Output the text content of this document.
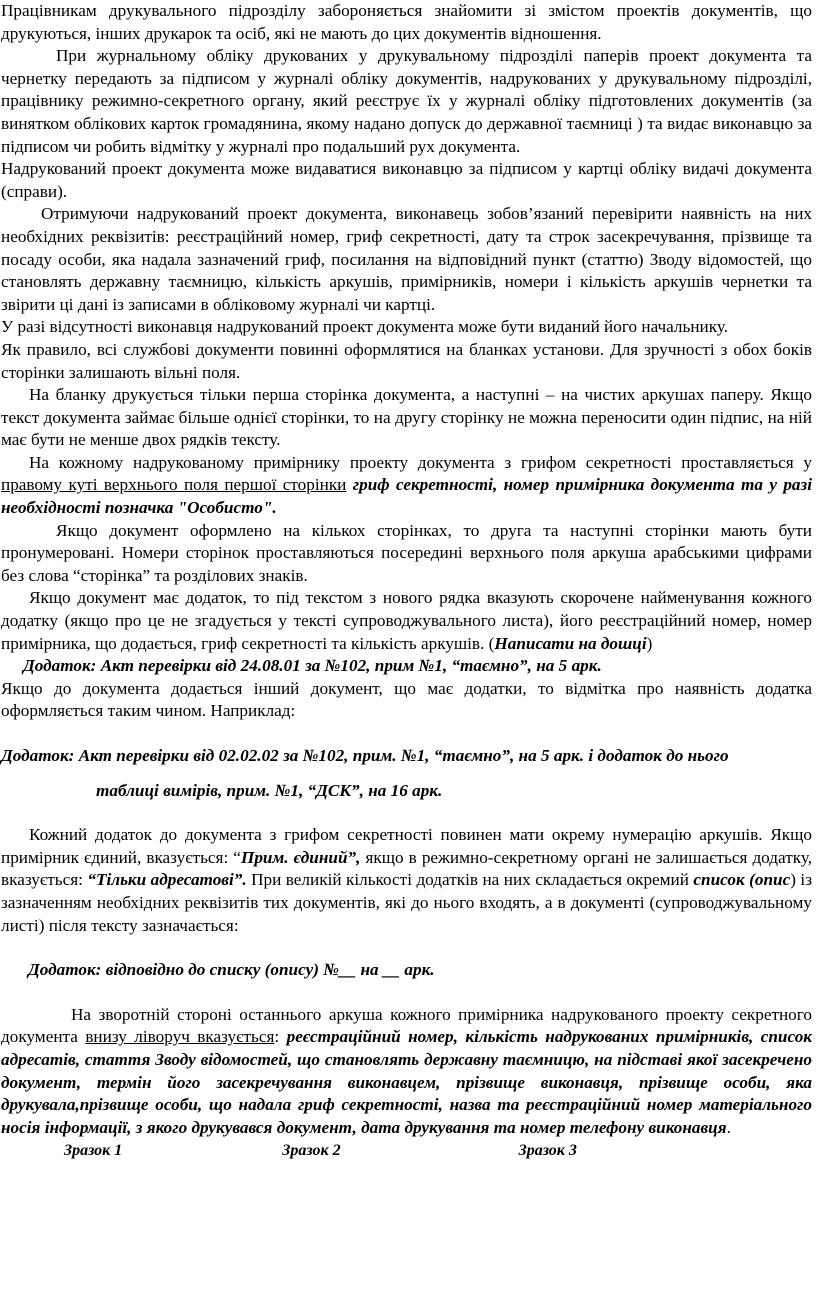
Працівникам друкувального підрозділу забороняється знайомити зі змістом проектів документів, що друкуються, інших друкарок та осіб, які не мають до цих документів відношення.

При журнальному обліку друкованих у друкувальному підрозділі паперів проект документа та чернетку передають за підписом у журналі обліку документів, надрукованих у друкувальному підрозділі, працівнику режимно-секретного органу, який реєструє їх у журналі обліку підготовлених документів (за винятком облікових карток громадянина, якому надано допуск до державної таємниці ) та видає виконавцю за підписом чи робить відмітку у журналі про подальший рух документа.

Надрукований проект документа може видаватися виконавцю за підписом у картці обліку видачі документа (справи).

Отримуючи надрукований проект документа, виконавець зобов’язаний перевірити наявність на них необхідних реквізитів: реєстраційний номер, гриф секретності, дату та строк засекречування, прізвище та посаду особи, яка надала зазначений гриф, посилання на відповідний пункт (статтю) Зводу відомостей, що становлять державну таємницю, кількість аркушів, примірників, номери і кількість аркушів чернетки та звірити ці дані із записами в обліковому журналі чи картці.

У разі відсутності виконавця надрукований проект документа може бути виданий його начальнику.

Як правило, всі службові документи повинні оформлятися на бланках установи. Для зручності з обох боків сторінки залишають вільні поля.

На бланку друкується тільки перша сторінка документа, а наступні – на чистих аркушах паперу. Якщо текст документа займає більше однієї сторінки, то на другу сторінку не можна переносити один підпис, на ній має бути не менше двох рядків тексту.

На кожному надрукованому примірнику проекту документа з грифом секретності проставляється у правому куті верхнього поля першої сторінки гриф секретності, номер примірника документа та у разі необхідності позначка "Особисто".

Якщо документ оформлено на кількох сторінках, то друга та наступні сторінки мають бути пронумеровані. Номери сторінок проставляються посередині верхнього поля аркуша арабськими цифрами без слова “сторінка” та розділових знаків.

Якщо документ має додаток, то під текстом з нового рядка вказують скорочене найменування кожного додатку (якщо про це не згадується у тексті супроводжувального листа), його реєстраційний номер, номер примірника, що додається, гриф секретності та кількість аркушів. (Написати на дошці)

Додаток: Акт перевірки від 24.08.01 за №102, прим №1, “таємно”, на 5 арк.

Якщо до документа додається інший документ, що має додатки, то відмітка про наявність додатка оформляється таким чином. Наприклад:

Додаток: Акт перевірки від 02.02.02 за №102, прим. №1, “таємно”, на 5 арк. і додаток до нього

таблиці вимірів, прим. №1, “ДСК”, на 16 арк.

Кожний додаток до документа з грифом секретності повинен мати окрему нумерацію аркушів. Якщо примірник єдиний, вказується: “Прим. єдиний”, якщо в режимно-секретному органі не залишається додатку, вказується: “Тільки адресатові”. При великій кількості додатків на них складається окремий список (опис) із зазначенням необхідних реквізитів тих документів, які до нього входять, а в документі (супроводжувальному листі) після тексту зазначається:

Додаток: відповідно до списку (опису) №__ на __ арк.

На зворотній стороні останнього аркуша кожного примірника надрукованого проекту секретного документа внизу ліворуч вказується: реєстраційний номер, кількість надрукованих примірників, список адресатів, стаття Зводу відомостей, що становлять державну таємницю, на підставі якої засекречено документ, термін його засекречування виконавцем, прізвище виконавця, прізвище особи, яка друкувала,прізвище особи, що надала гриф секретності, назва та реєстраційний номер матеріального носія інформації, з якого друкувався документ, дата друкування та номер телефону виконавця.

Зразок 1	Зразок 2	Зразок 3
